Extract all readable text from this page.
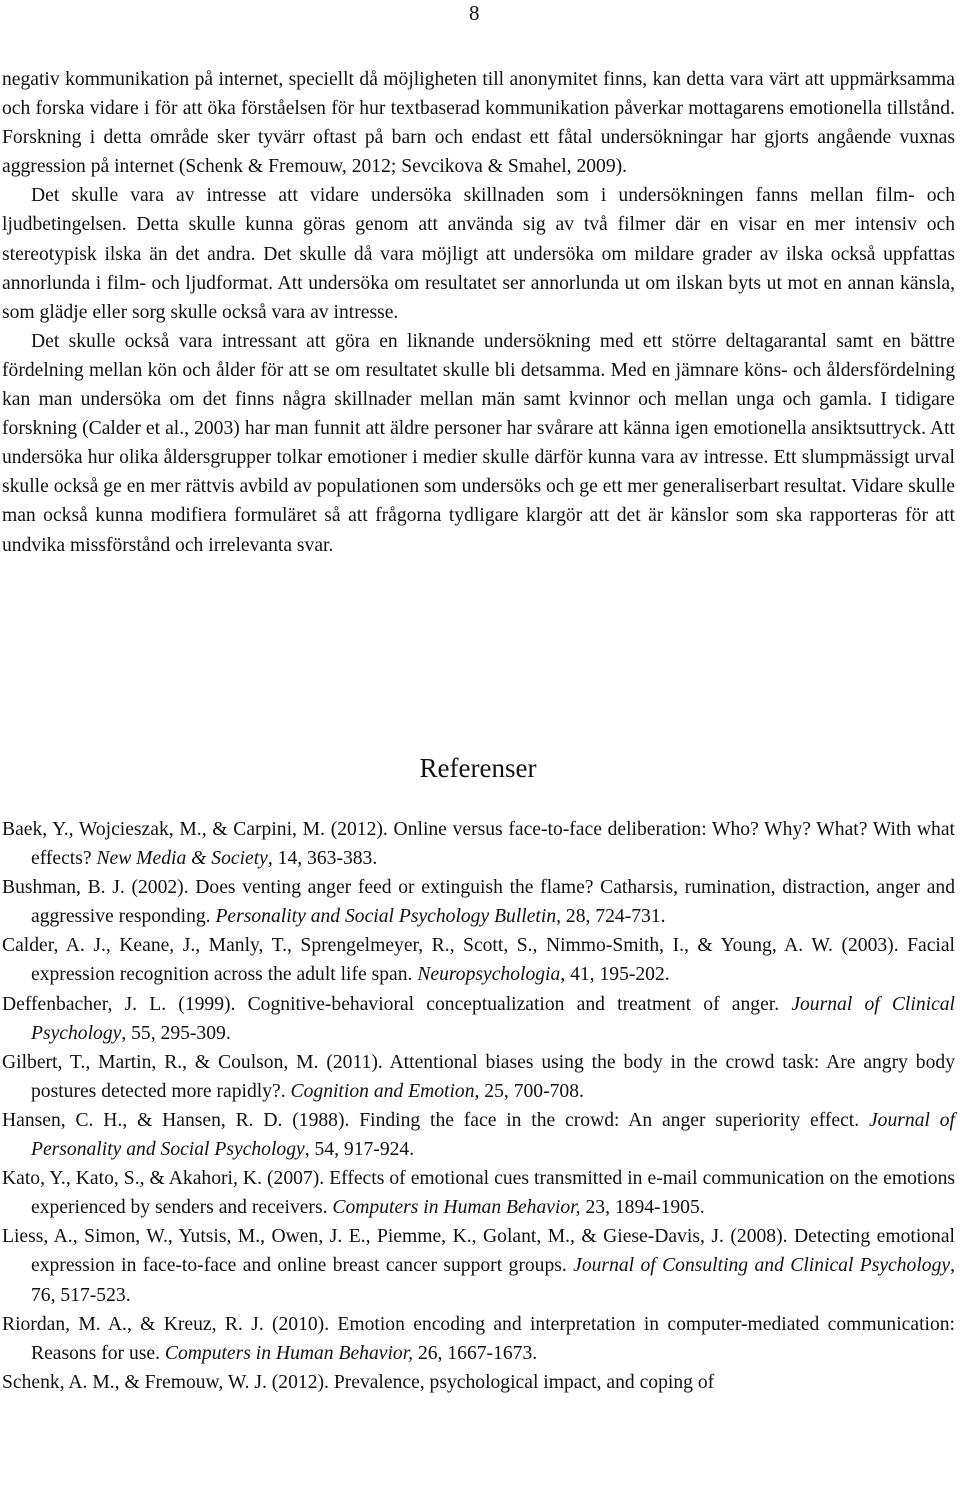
8

negativ kommunikation på internet, speciellt då möjligheten till anonymitet finns, kan detta vara värt att uppmärksamma och forska vidare i för att öka förståelsen för hur textbaserad kommunikation påverkar mottagarens emotionella tillstånd. Forskning i detta område sker tyvärr oftast på barn och endast ett fåtal undersökningar har gjorts angående vuxnas aggression på internet (Schenk & Fremouw, 2012; Sevcikova & Smahel, 2009).

Det skulle vara av intresse att vidare undersöka skillnaden som i undersökningen fanns mellan film- och ljudbetingelsen. Detta skulle kunna göras genom att använda sig av två filmer där en visar en mer intensiv och stereotypisk ilska än det andra. Det skulle då vara möjligt att undersöka om mildare grader av ilska också uppfattas annorlunda i film- och ljudformat. Att undersöka om resultatet ser annorlunda ut om ilskan byts ut mot en annan känsla, som glädje eller sorg skulle också vara av intresse.

Det skulle också vara intressant att göra en liknande undersökning med ett större deltagarantal samt en bättre fördelning mellan kön och ålder för att se om resultatet skulle bli detsamma. Med en jämnare köns- och åldersfördelning kan man undersöka om det finns några skillnader mellan män samt kvinnor och mellan unga och gamla. I tidigare forskning (Calder et al., 2003) har man funnit att äldre personer har svårare att känna igen emotionella ansiktsuttryck. Att undersöka hur olika åldersgrupper tolkar emotioner i medier skulle därför kunna vara av intresse. Ett slumpmässigt urval skulle också ge en mer rättvis avbild av populationen som undersöks och ge ett mer generaliserbart resultat. Vidare skulle man också kunna modifiera formuläret så att frågorna tydligare klargör att det är känslor som ska rapporteras för att undvika missförstånd och irrelevanta svar.

Referenser

Baek, Y., Wojcieszak, M., & Carpini, M. (2012). Online versus face-to-face deliberation: Who? Why? What? With what effects? New Media & Society, 14, 363-383.

Bushman, B. J. (2002). Does venting anger feed or extinguish the flame? Catharsis, rumination, distraction, anger and aggressive responding. Personality and Social Psychology Bulletin, 28, 724-731.

Calder, A. J., Keane, J., Manly, T., Sprengelmeyer, R., Scott, S., Nimmo-Smith, I., & Young, A. W. (2003). Facial expression recognition across the adult life span. Neuropsychologia, 41, 195-202.

Deffenbacher, J. L. (1999). Cognitive-behavioral conceptualization and treatment of anger. Journal of Clinical Psychology, 55, 295-309.

Gilbert, T., Martin, R., & Coulson, M. (2011). Attentional biases using the body in the crowd task: Are angry body postures detected more rapidly?. Cognition and Emotion, 25, 700-708.

Hansen, C. H., & Hansen, R. D. (1988). Finding the face in the crowd: An anger superiority effect. Journal of Personality and Social Psychology, 54, 917-924.

Kato, Y., Kato, S., & Akahori, K. (2007). Effects of emotional cues transmitted in e-mail communication on the emotions experienced by senders and receivers. Computers in Human Behavior, 23, 1894-1905.

Liess, A., Simon, W., Yutsis, M., Owen, J. E., Piemme, K., Golant, M., & Giese-Davis, J. (2008). Detecting emotional expression in face-to-face and online breast cancer support groups. Journal of Consulting and Clinical Psychology, 76, 517-523.

Riordan, M. A., & Kreuz, R. J. (2010). Emotion encoding and interpretation in computer-mediated communication: Reasons for use. Computers in Human Behavior, 26, 1667-1673.

Schenk, A. M., & Fremouw, W. J. (2012). Prevalence, psychological impact, and coping of
